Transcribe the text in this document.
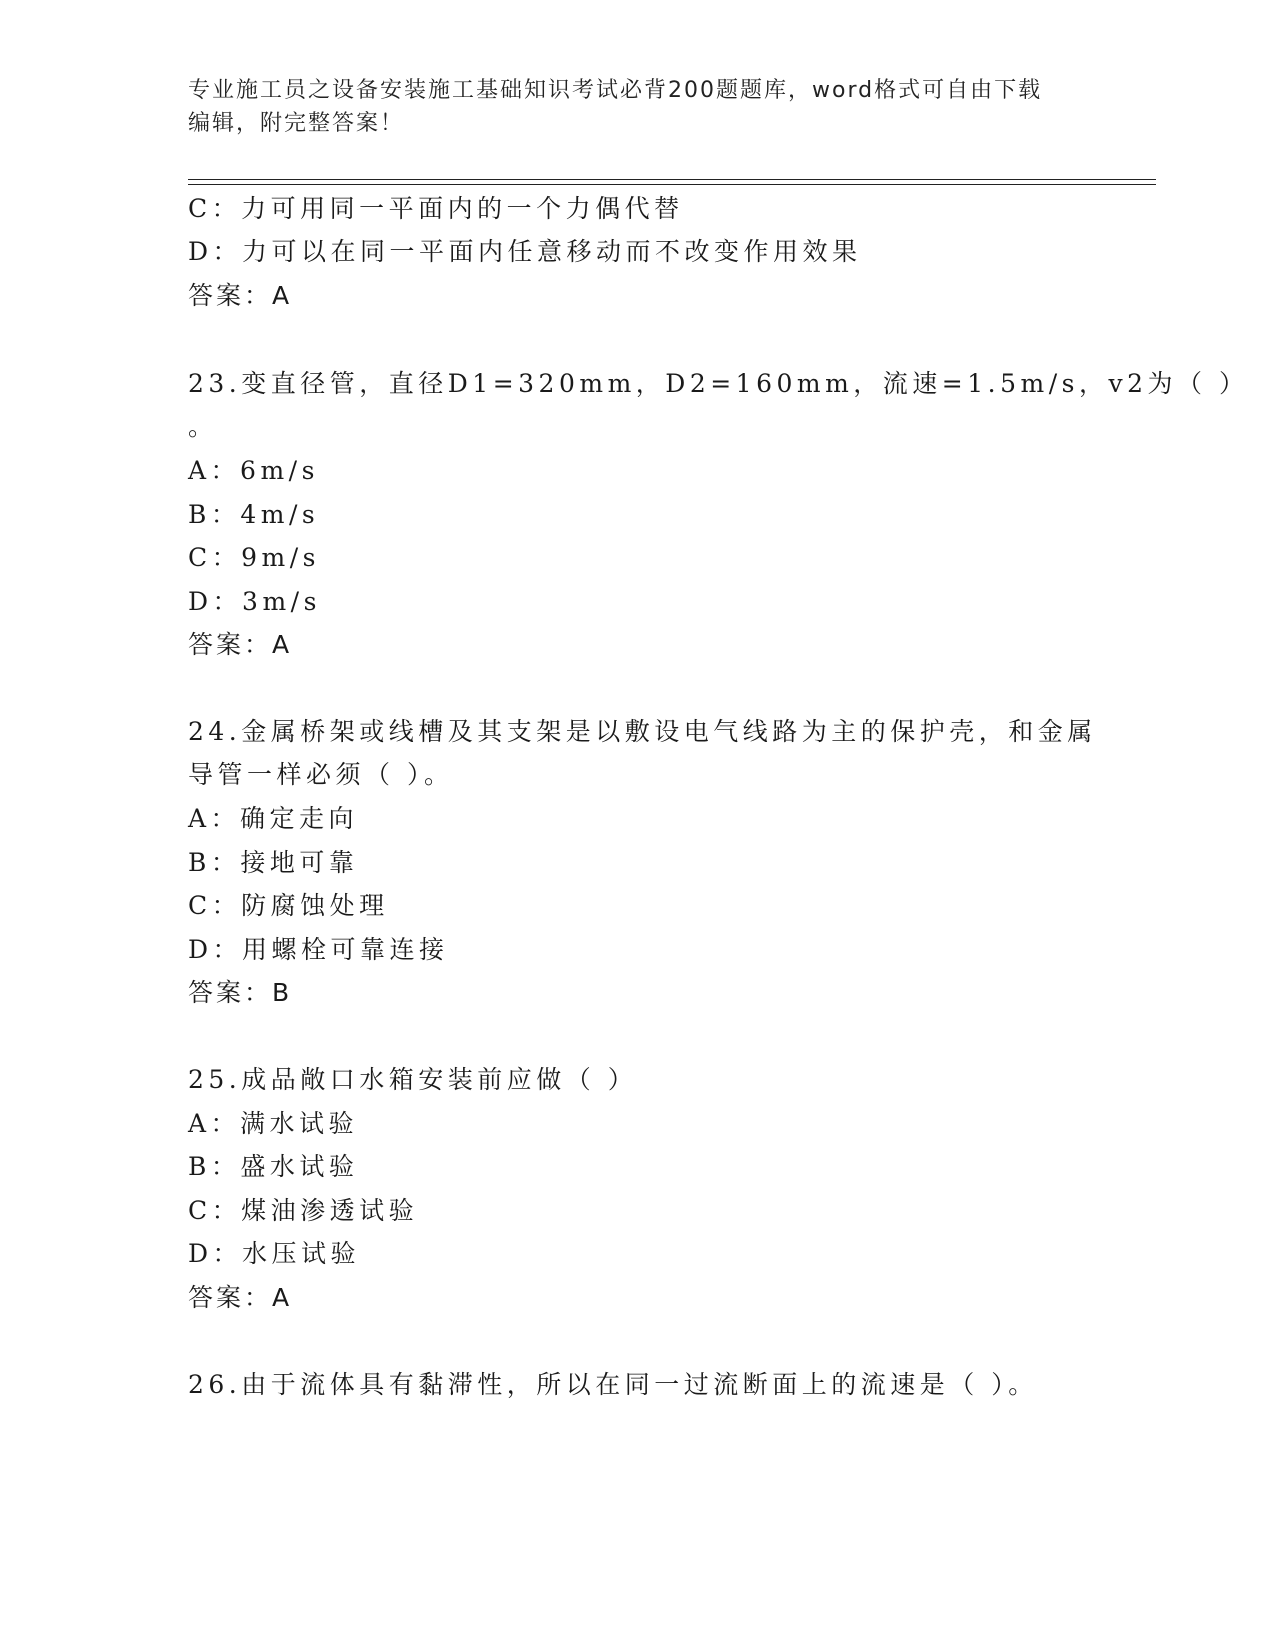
专业施工员之设备安装施工基础知识考试必背200题题库，word格式可自由下载
编辑，附完整答案！
C：力可用同一平面内的一个力偶代替
D：力可以在同一平面内任意移动而不改变作用效果
答案：A
23.变直径管，直径D1=320mm，D2=160mm，流速=1.5m/s，v2为（ ）
。
A：6m/s
B：4m/s
C：9m/s
D：3m/s
答案：A
24.金属桥架或线槽及其支架是以敷设电气线路为主的保护壳，和金属
导管一样必须（ ）。
A：确定走向
B：接地可靠
C：防腐蚀处理
D：用螺栓可靠连接
答案：B
25.成品敞口水箱安装前应做（ ）
A：满水试验
B：盛水试验
C：煤油渗透试验
D：水压试验
答案：A
26.由于流体具有黏滞性，所以在同一过流断面上的流速是（ ）。
